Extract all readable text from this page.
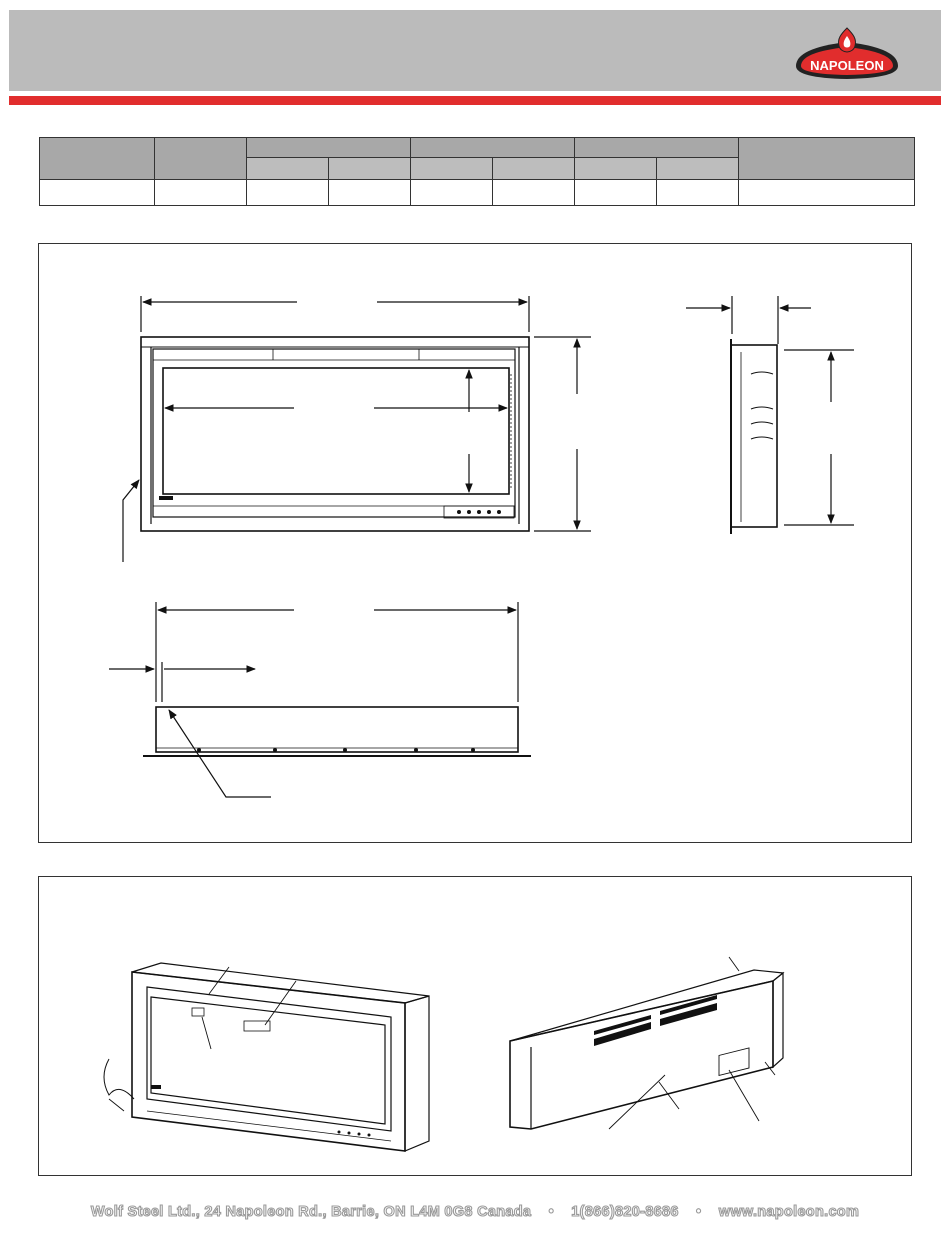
NAPOLEON

Wolf Steel Ltd., 24 Napoleon Rd., Barrie, ON L4M 0G8 Canada • 1(866)820-8686 • www.napoleon.com
